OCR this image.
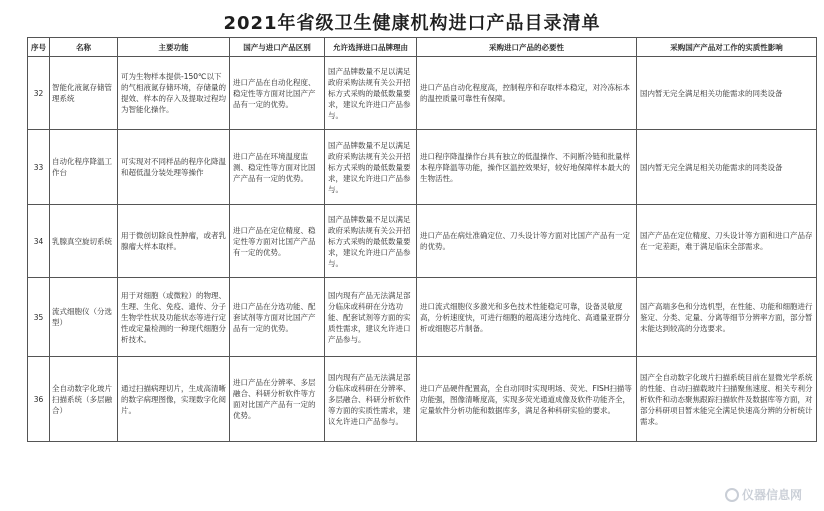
2021年省级卫生健康机构进口产品目录清单
序号	名称	主要功能	国产与进口产品区别	允许选择进口品牌理由	采购进口产品的必要性	采购国产产品对工作的实质性影响
32	智能化液氮存储管理系统	可为生物样本提供-150℃以下的气相液氮存储环境，存储量的提效、样本的存入及提取过程均为智能化操作。	进口产品在自动化程度、稳定性等方面对比国产产品有一定的优势。	国产品牌数量不足以满足政府采购法规有关公开招标方式采购的最低数量要求，建议允许进口产品参与。	进口产品自动化程度高，控制程序和存取样本稳定，对冷冻标本的温控质量可靠性有保障。	国内暂无完全满足相关功能需求的同类设备
33	自动化程序降温工作台	可实现对不同样品的程序化降温和超低温分装处理等操作	进口产品在环境温度监测、稳定性等方面对比国产产品有一定的优势。	国产品牌数量不足以满足政府采购法规有关公开招标方式采购的最低数量要求，建议允许进口产品参与。	进口程序降温操作台具有独立的低温操作、不间断冷链和批量样本程序降温等功能，操作区温控效果好，较好地保障样本最大的生物活性。	国内暂无完全满足相关功能需求的同类设备
34	乳腺真空旋切系统	用于微创切除良性肿瘤，或者乳腺瘤大样本取样。	进口产品在定位精度、稳定性等方面对比国产产品有一定的优势。	国产品牌数量不足以满足政府采购法规有关公开招标方式采购的最低数量要求，建议允许进口产品参与。	进口产品在病灶准确定位、刀头设计等方面对比国产产品有一定的优势。	国产产品在定位精度、刀头设计等方面和进口产品存在一定差距，难于满足临床全部需求。
35	流式细胞仪（分选型）	用于对细胞（或微粒）的物理、生理、生化、免疫、遗传、分子生物学性状及功能状态等进行定性或定量检测的一种现代细胞分析技术。	进口产品在分选功能、配套试剂等方面对比国产产品有一定的优势。	国内现有产品无法满足部分临床或科研在分选功能、配套试剂等方面的实质性需求，建议允许进口产品参与。	进口流式细胞仪多激光和多色技术性能稳定可靠，设备灵敏度高，分析速度快，可进行细胞的超高速分选纯化、高通量亚群分析或细胞芯片制备。	国产高端多色和分选机型，在性能、功能和细胞进行鉴定、分类、定量、分离等细节分辨率方面，部分暂未能达到较高的分选要求。
36	全自动数字化玻片扫描系统（多层融合）	通过扫描病理切片，生成高清晰的数字病理图像，实现数字化阅片。	进口产品在分辨率、多层融合、科研分析软件等方面对比国产产品有一定的优势。	国内现有产品无法满足部分临床或科研在分辨率、多层融合、科研分析软件等方面的实质性需求，建议允许进口产品参与。	进口产品硬件配置高，全自动同时实现明场、荧光、FISH扫描等功能强，图像清晰度高，实现多荧光通道成像及软件功能齐全，定量软件分析功能和数据库多，满足各种科研实验的要求。	国产全自动数字化玻片扫描系统目前在显微光学系统的性能、自动扫描载玻片扫描聚焦速度、相关专利分析软件和动态聚焦跟踪扫描软件及数据库等方面，对部分科研项目暂未能完全满足快速高分辨的分析统计需求。
仪器信息网
